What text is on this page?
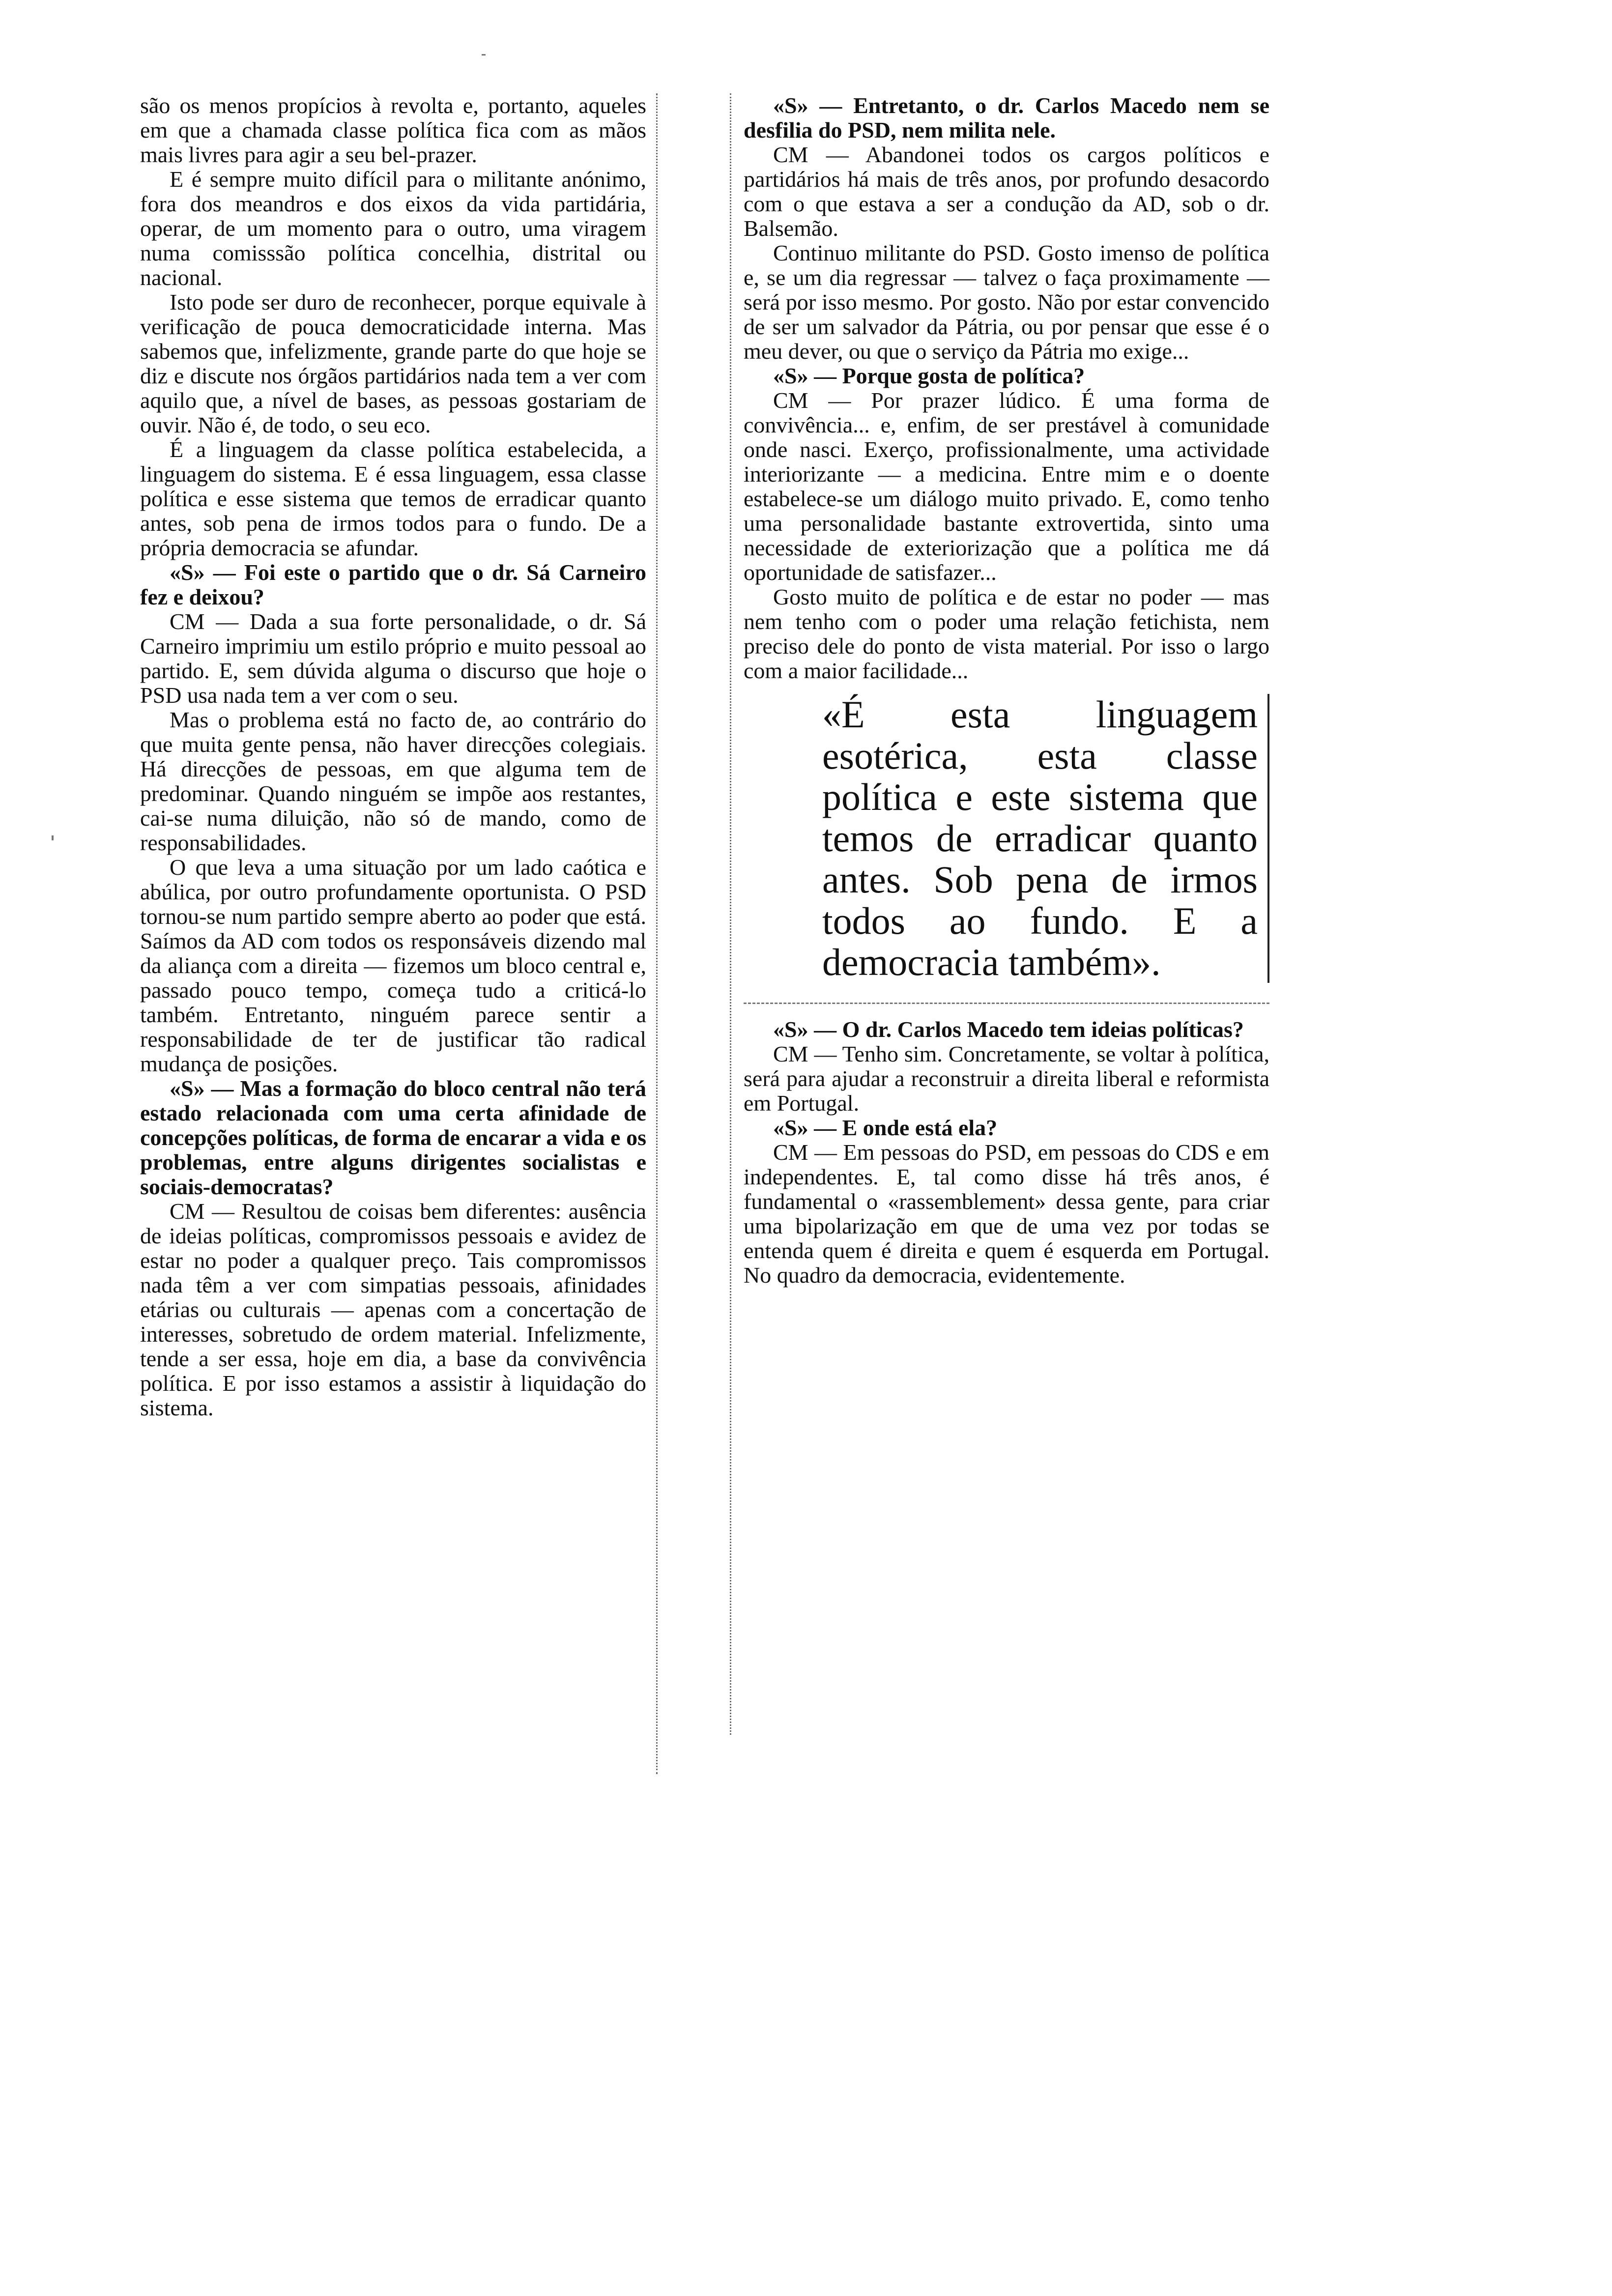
são os menos propícios à revolta e, portanto, aqueles em que a chamada classe política fica com as mãos mais livres para agir a seu bel-prazer.

E é sempre muito difícil para o militante anónimo, fora dos meandros e dos eixos da vida partidária, operar, de um momento para o outro, uma viragem numa comisssão política concelhia, distrital ou nacional.

Isto pode ser duro de reconhecer, porque equivale à verificação de pouca democraticidade interna. Mas sabemos que, infelizmente, grande parte do que hoje se diz e discute nos órgãos partidários nada tem a ver com aquilo que, a nível de bases, as pessoas gostariam de ouvir. Não é, de todo, o seu eco.

É a linguagem da classe política estabelecida, a linguagem do sistema. E é essa linguagem, essa classe política e esse sistema que temos de erradicar quanto antes, sob pena de irmos todos para o fundo. De a própria democracia se afundar.

«S» — Foi este o partido que o dr. Sá Carneiro fez e deixou?

CM — Dada a sua forte personalidade, o dr. Sá Carneiro imprimiu um estilo próprio e muito pessoal ao partido. E, sem dúvida alguma o discurso que hoje o PSD usa nada tem a ver com o seu.

Mas o problema está no facto de, ao contrário do que muita gente pensa, não haver direcções colegiais. Há direcções de pessoas, em que alguma tem de predominar. Quando ninguém se impõe aos restantes, cai-se numa diluição, não só de mando, como de responsabilidades.

O que leva a uma situação por um lado caótica e abúlica, por outro profundamente oportunista. O PSD tornou-se num partido sempre aberto ao poder que está. Saímos da AD com todos os responsáveis dizendo mal da aliança com a direita — fizemos um bloco central e, passado pouco tempo, começa tudo a criticá-lo também. Entretanto, ninguém parece sentir a responsabilidade de ter de justificar tão radical mudança de posições.

«S» — Mas a formação do bloco central não terá estado relacionada com uma certa afinidade de concepções políticas, de forma de encarar a vida e os problemas, entre alguns dirigentes socialistas e sociais-democratas?

CM — Resultou de coisas bem diferentes: ausência de ideias políticas, compromissos pessoais e avidez de estar no poder a qualquer preço. Tais compromissos nada têm a ver com simpatias pessoais, afinidades etárias ou culturais — apenas com a concertação de interesses, sobretudo de ordem material. Infelizmente, tende a ser essa, hoje em dia, a base da convivência política. E por isso estamos a assistir à liquidação do sistema.

«S» — Entretanto, o dr. Carlos Macedo nem se desfilia do PSD, nem milita nele.

CM — Abandonei todos os cargos políticos e partidários há mais de três anos, por profundo desacordo com o que estava a ser a condução da AD, sob o dr. Balsemão.

Continuo militante do PSD. Gosto imenso de política e, se um dia regressar — talvez o faça proximamente — será por isso mesmo. Por gosto. Não por estar convencido de ser um salvador da Pátria, ou por pensar que esse é o meu dever, ou que o serviço da Pátria mo exige...

«S» — Porque gosta de política?

CM — Por prazer lúdico. É uma forma de convivência... e, enfim, de ser prestável à comunidade onde nasci. Exerço, profissionalmente, uma actividade interiorizante — a medicina. Entre mim e o doente estabelece-se um diálogo muito privado. E, como tenho uma personalidade bastante extrovertida, sinto uma necessidade de exteriorização que a política me dá oportunidade de satisfazer...

Gosto muito de política e de estar no poder — mas nem tenho com o poder uma relação fetichista, nem preciso dele do ponto de vista material. Por isso o largo com a maior facilidade...

«É esta linguagem esotérica, esta classe política e este sistema que temos de erradicar quanto antes. Sob pena de irmos todos ao fundo. E a democracia também».

«S» — O dr. Carlos Macedo tem ideias políticas?

CM — Tenho sim. Concretamente, se voltar à política, será para ajudar a reconstruir a direita liberal e reformista em Portugal.

«S» — E onde está ela?

CM — Em pessoas do PSD, em pessoas do CDS e em independentes. E, tal como disse há três anos, é fundamental o «rassemblement» dessa gente, para criar uma bipolarização em que de uma vez por todas se entenda quem é direita e quem é esquerda em Portugal. No quadro da democracia, evidentemente.
